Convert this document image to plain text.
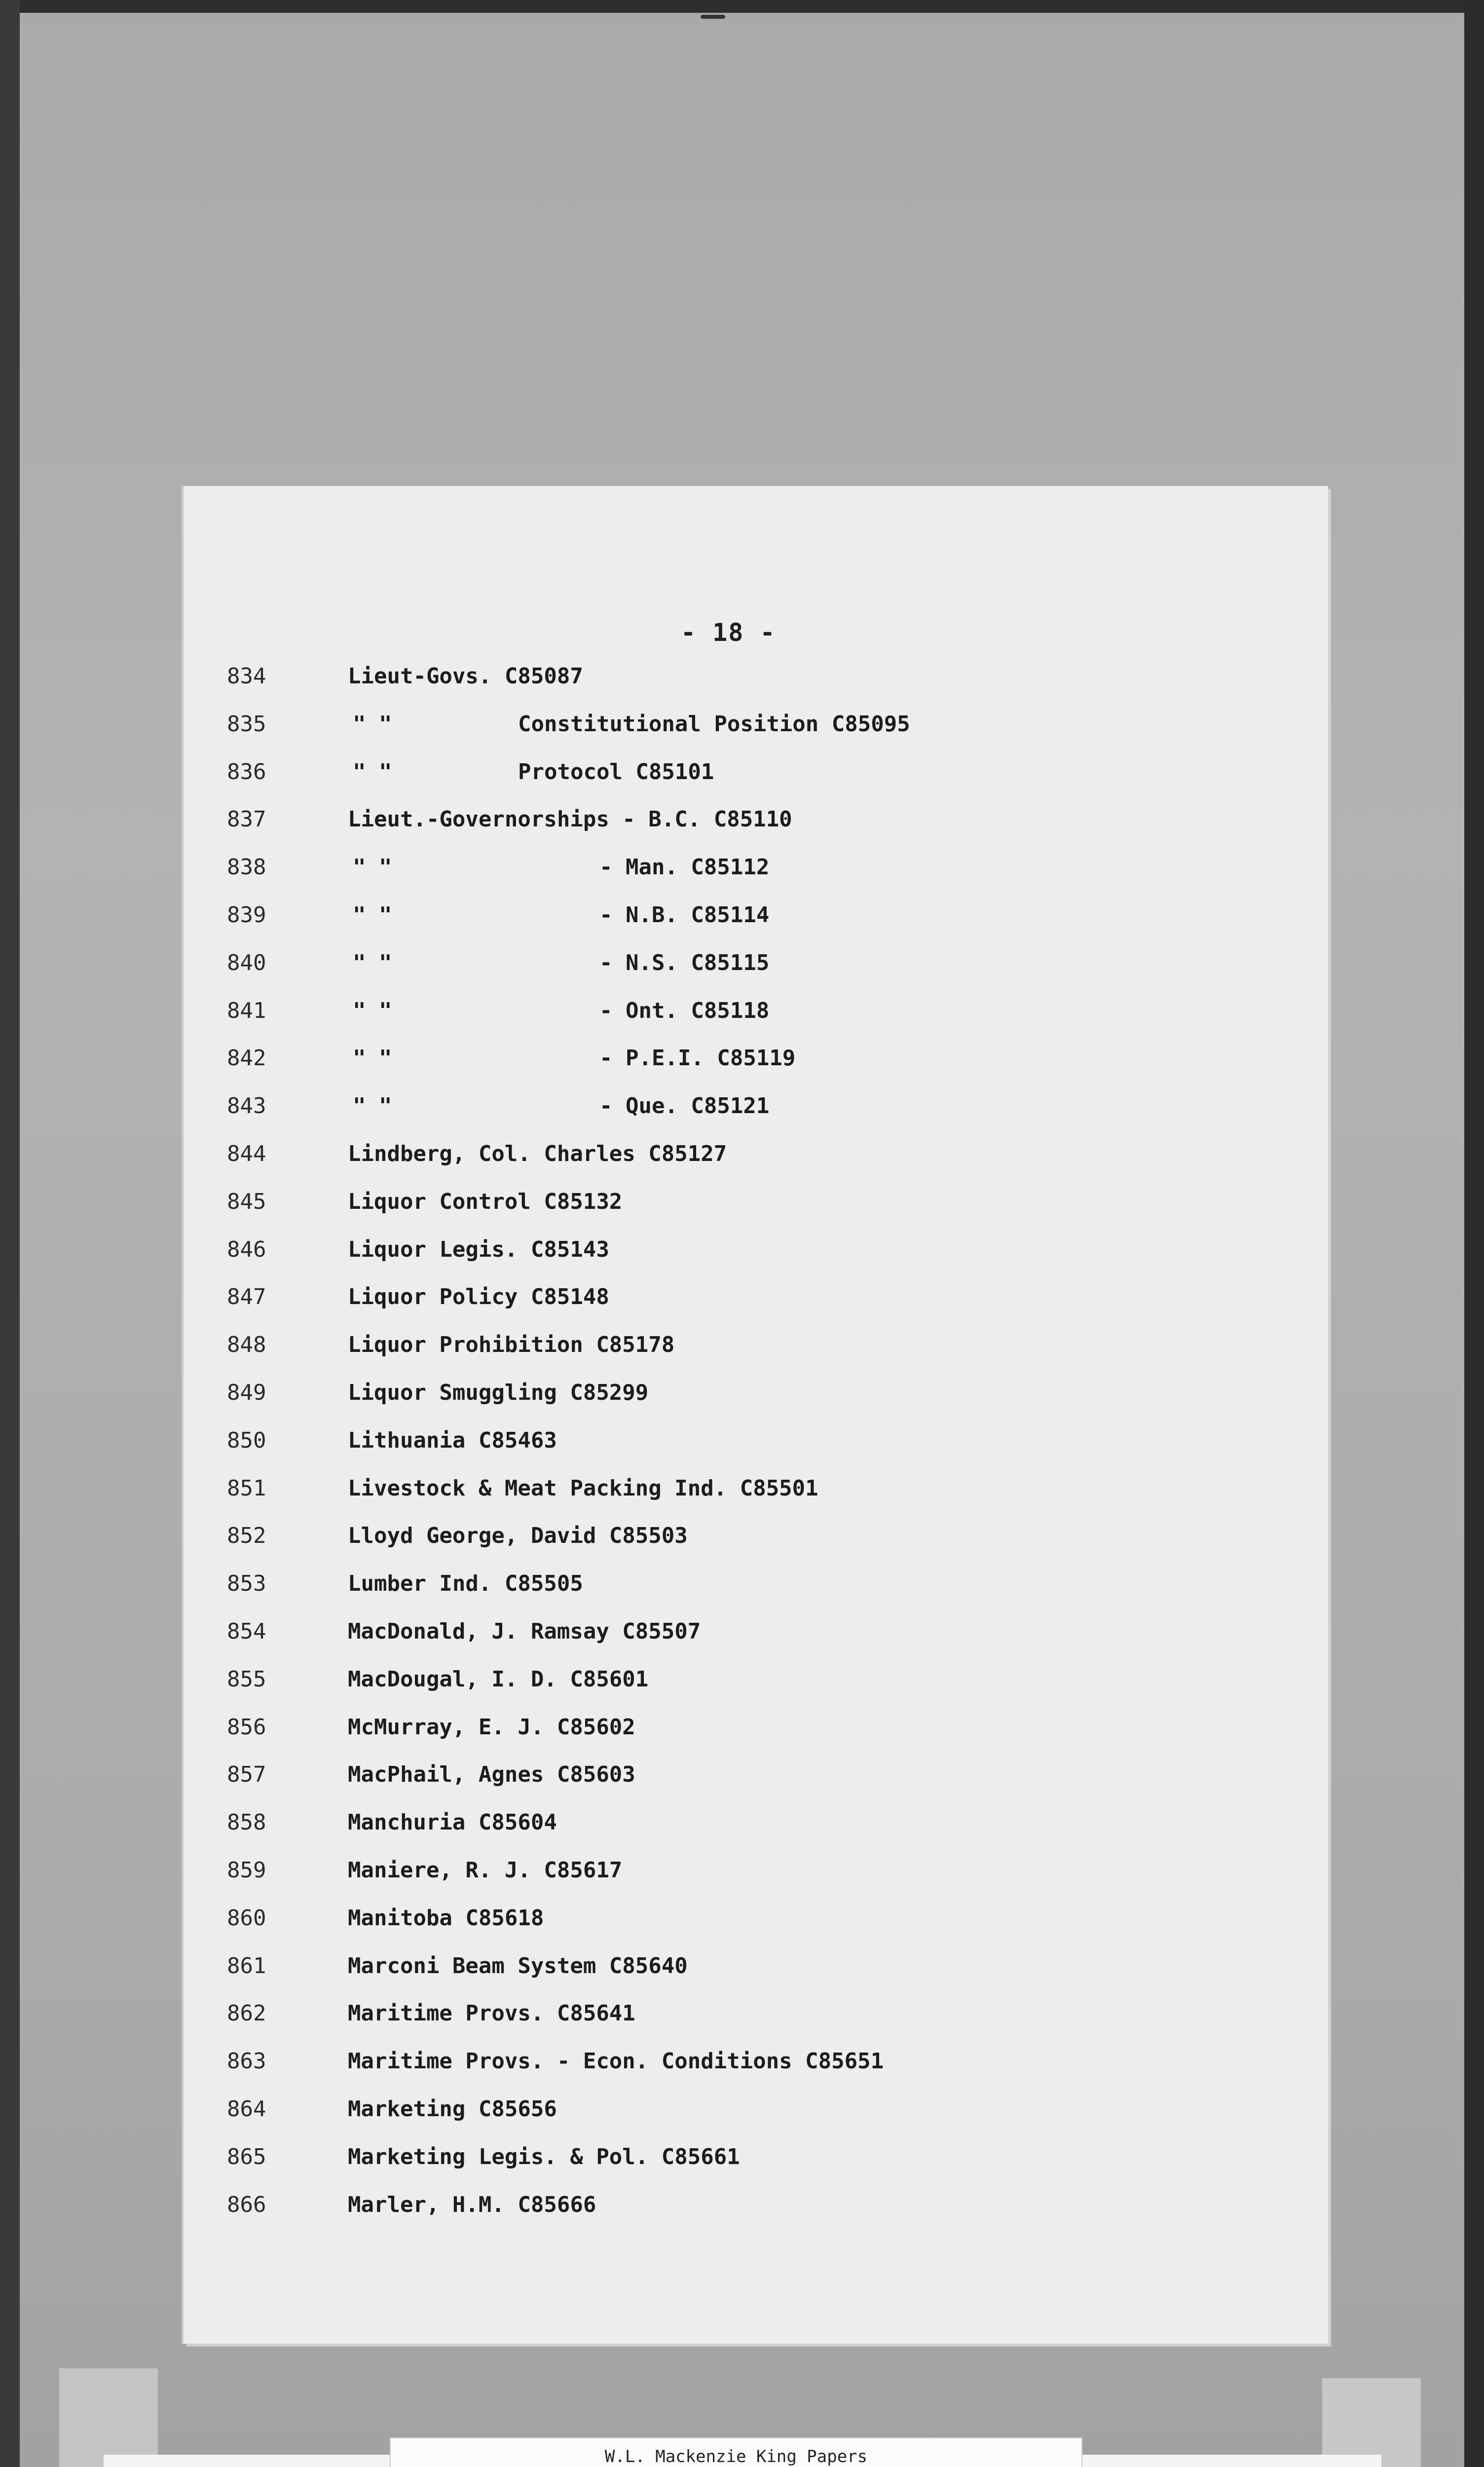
- 18 -
834	Lieut-Govs. C85087
835	" "	Constitutional Position C85095
836	" "	Protocol C85101
837	Lieut.-Governorships - B.C. C85110
838	" "	- Man. C85112
839	" "	- N.B. C85114
840	" "	- N.S. C85115
841	" "	- Ont. C85118
842	" "	- P.E.I. C85119
843	" "	- Que. C85121
844	Lindberg, Col. Charles C85127
845	Liquor Control C85132
846	Liquor Legis. C85143
847	Liquor Policy C85148
848	Liquor Prohibition C85178
849	Liquor Smuggling C85299
850	Lithuania C85463
851	Livestock & Meat Packing Ind. C85501
852	Lloyd George, David C85503
853	Lumber Ind. C85505
854	MacDonald, J. Ramsay C85507
855	MacDougal, I. D. C85601
856	McMurray, E. J. C85602
857	MacPhail, Agnes C85603
858	Manchuria C85604
859	Maniere, R. J. C85617
860	Manitoba C85618
861	Marconi Beam System C85640
862	Maritime Provs. C85641
863	Maritime Provs. - Econ. Conditions C85651
864	Marketing C85656
865	Marketing Legis. & Pol. C85661
866	Marler, H.M. C85666
W.L. Mackenzie King Papers
